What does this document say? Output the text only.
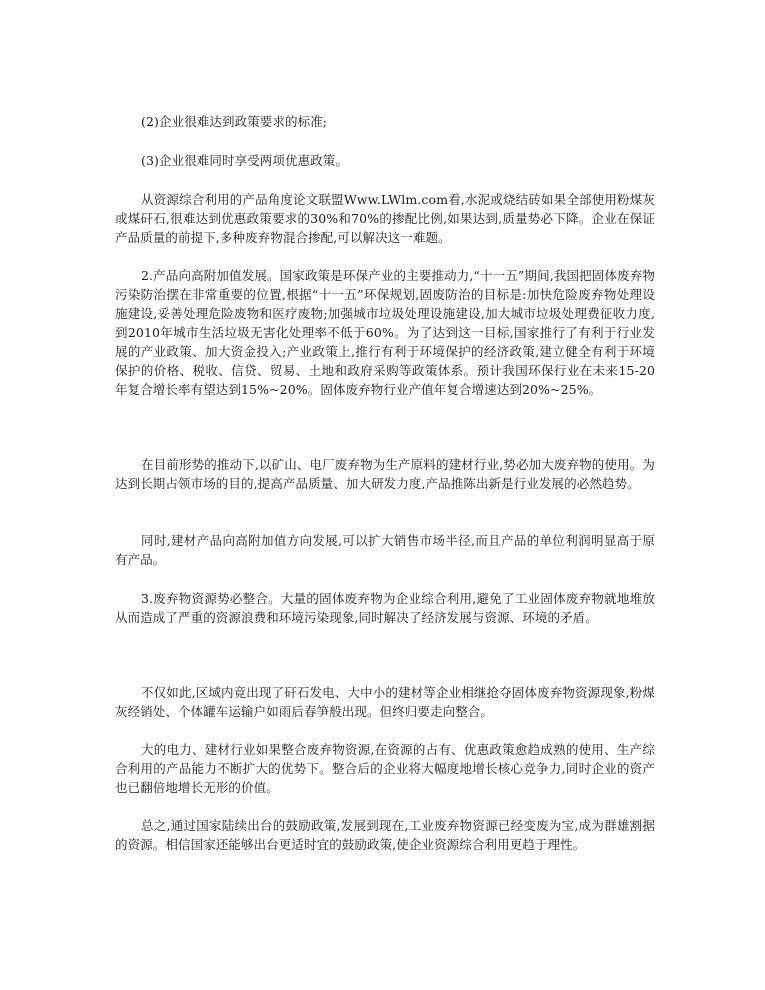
(2)企业很难达到政策要求的标准;

(3)企业很难同时享受两项优惠政策。

从资源综合利用的产品角度论文联盟Www.LWlm.com看,水泥或烧结砖如果全部使用粉煤灰或煤矸石,很难达到优惠政策要求的30%和70%的掺配比例,如果达到,质量势必下降。企业在保证产品质量的前提下,多种废弃物混合掺配,可以解决这一难题。

2.产品向高附加值发展。国家政策是环保产业的主要推动力,“十一五”期间,我国把固体废弃物污染防治摆在非常重要的位置,根据“十一五”环保规划,固废防治的目标是:加快危险废弃物处理设施建设,妥善处理危险废物和医疗废物;加强城市垃圾处理设施建设,加大城市垃圾处理费征收力度,到2010年城市生活垃圾无害化处理率不低于60%。为了达到这一目标,国家推行了有利于行业发展的产业政策、加大资金投入;产业政策上,推行有利于环境保护的经济政策,建立健全有利于环境保护的价格、税收、信贷、贸易、土地和政府采购等政策体系。预计我国环保行业在未来15-20年复合增长率有望达到15%~20%。固体废弃物行业产值年复合增速达到20%~25%。

在目前形势的推动下,以矿山、电厂废弃物为生产原料的建材行业,势必加大废弃物的使用。为达到长期占领市场的目的,提高产品质量、加大研发力度,产品推陈出新是行业发展的必然趋势。

同时,建材产品向高附加值方向发展,可以扩大销售市场半径,而且产品的单位利润明显高于原有产品。

3.废弃物资源势必整合。大量的固体废弃物为企业综合利用,避免了工业固体废弃物就地堆放从而造成了严重的资源浪费和环境污染现象,同时解决了经济发展与资源、环境的矛盾。

不仅如此,区域内竟出现了矸石发电、大中小的建材等企业相继抢夺固体废弃物资源现象,粉煤灰经销处、个体罐车运输户如雨后春笋般出现。但终归要走向整合。

大的电力、建材行业如果整合废弃物资源,在资源的占有、优惠政策愈趋成熟的使用、生产综合利用的产品能力不断扩大的优势下。整合后的企业将大幅度地增长核心竞争力,同时企业的资产也已翻倍地增长无形的价值。

总之,通过国家陆续出台的鼓励政策,发展到现在,工业废弃物资源已经变废为宝,成为群雄割据的资源。相信国家还能够出台更适时宜的鼓励政策,使企业资源综合利用更趋于理性。
